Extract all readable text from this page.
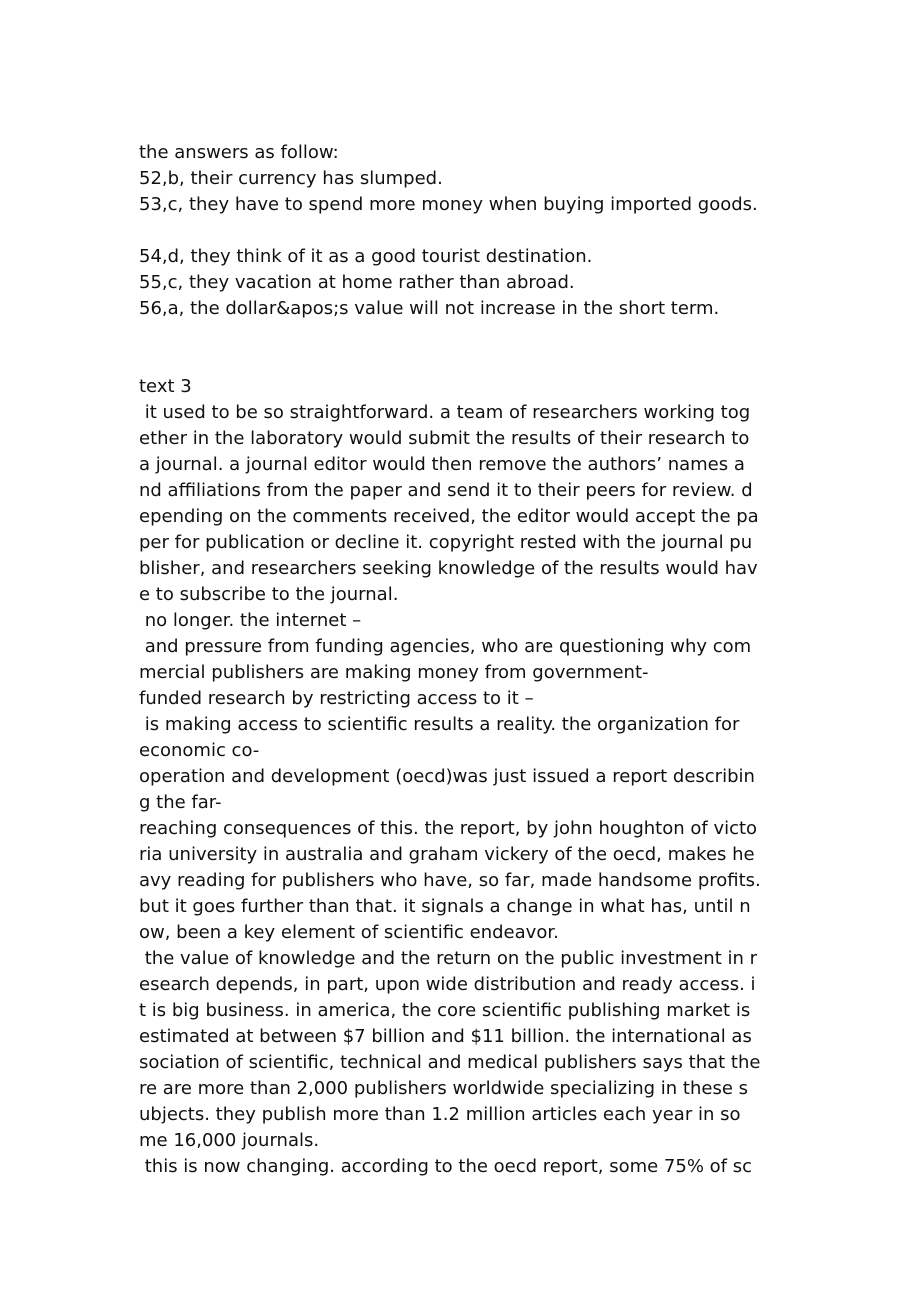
the answers as follow:
52,b, their currency has slumped.
53,c, they have to spend more money when buying imported goods.
54,d, they think of it as a good tourist destination.
55,c, they vacation at home rather than abroad.
56,a, the dollar&apos;s value will not increase in the short term.
text 3
it used to be so straightforward. a team of researchers working tog
ether in the laboratory would submit the results of their research to
a journal. a journal editor would then remove the authors’ names a
nd affiliations from the paper and send it to their peers for review. d
epending on the comments received, the editor would accept the pa
per for publication or decline it. copyright rested with the journal pu
blisher, and researchers seeking knowledge of the results would hav
e to subscribe to the journal.
no longer. the internet –
and pressure from funding agencies, who are questioning why com
mercial publishers are making money from government-
funded research by restricting access to it –
is making access to scientific results a reality. the organization for
economic co-
operation and development (oecd)was just issued a report describin
g the far-
reaching consequences of this. the report, by john houghton of victo
ria university in australia and graham vickery of the oecd, makes he
avy reading for publishers who have, so far, made handsome profits.
but it goes further than that. it signals a change in what has, until n
ow, been a key element of scientific endeavor.
the value of knowledge and the return on the public investment in r
esearch depends, in part, upon wide distribution and ready access. i
t is big business. in america, the core scientific publishing market is
estimated at between $7 billion and $11 billion. the international as
sociation of scientific, technical and medical publishers says that the
re are more than 2,000 publishers worldwide specializing in these s
ubjects. they publish more than 1.2 million articles each year in so
me 16,000 journals.
this is now changing. according to the oecd report, some 75% of sc
